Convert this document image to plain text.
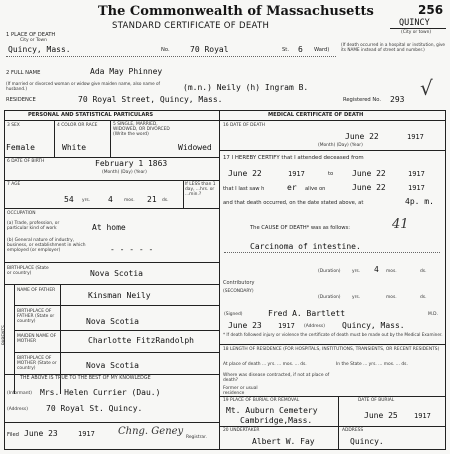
The Commonwealth of Massachusetts	256
STANDARD CERTIFICATE OF DEATH	QUINCY
(City or town)
1 PLACE OF DEATH
City or Town
Quincy, Mass.	No.	70 Royal	St. 6 Ward)
(If death occurred in a hospital or institution, give its NAME instead of street and number.)
2 FULL NAME	Ada May Phinney
(If married or divorced woman or widow give maiden name, also name of husband.)	(m.n.) Neily (h) Ingram B.
RESIDENCE	70 Royal Street, Quincy, Mass.	Registered No. 293 √
PERSONAL AND STATISTICAL PARTICULARS	MEDICAL CERTIFICATE OF DEATH
3 SEX
Female
4 COLOR OR RACE
White
5 SINGLE, MARRIED, WIDOWED, OR DIVORCED (Write the word)
Widowed
6 DATE OF BIRTH	February 1 1863
(Month) (Day) (Year)
7 AGE
54 yrs. 4	mos. 21 ds.
If LESS than 1 day, ...hrs. or ...min.?
OCCUPATION
(a) Trade, profession, or particular kind of work	At home
(b) General nature of industry, business, or establishment in which employed (or employer)	- - - - -
BIRTHPLACE (State or country)	Nova Scotia
PARENTS
NAME OF FATHER
Kinsman Neily
BIRTHPLACE OF FATHER (State or country)	Nova Scotia
MAIDEN NAME OF MOTHER	Charlotte FitzRandolph
BIRTHPLACE OF MOTHER (State or country)	Nova Scotia
THE ABOVE IS TRUE TO THE BEST OF MY KNOWLEDGE
(Informant) Mrs. Helen Currier (Dau.)
(Address) 70 Royal St. Quincy.
Filed June 23	1917 Chng. Geney
Registrar.
16 DATE OF DEATH
June 22	1917
(Month) (Day) (Year)
17 I HEREBY CERTIFY that I attended deceased from
June 22	1917	to June 22	1917
that I last saw h	er alive on	June 22	1917
and that death occurred, on the date stated above, at	4p. m.
The CAUSE OF DEATH* was as follows:	41
Carcinoma of intestine.
(Duration)	yrs. 4 mos.	ds.
Contributory
(SECONDARY)
(Duration)	yrs.	mos.	ds.
(Signed)	Fred A. Bartlett	M.D.
June 23 1917 (Address) Quincy, Mass.
* If death followed injury or violence the certificate of death must be made out by the Medical Examiner.
18 LENGTH OF RESIDENCE (FOR HOSPITALS, INSTITUTIONS, TRANSIENTS, OR RECENT RESIDENTS)
At place of death ... yrs. ... mos. ... ds.	In the State ... yrs. ... mos. ... ds.
Where was disease contracted, if not at place of death?
Former or usual residence
19 PLACE OF BURIAL OR REMOVAL
Mt. Auburn Cemetery
Cambridge,Mass.
DATE OF BURIAL
June 25 1917
20 UNDERTAKER
Albert W. Fay
ADDRESS
Quincy.
